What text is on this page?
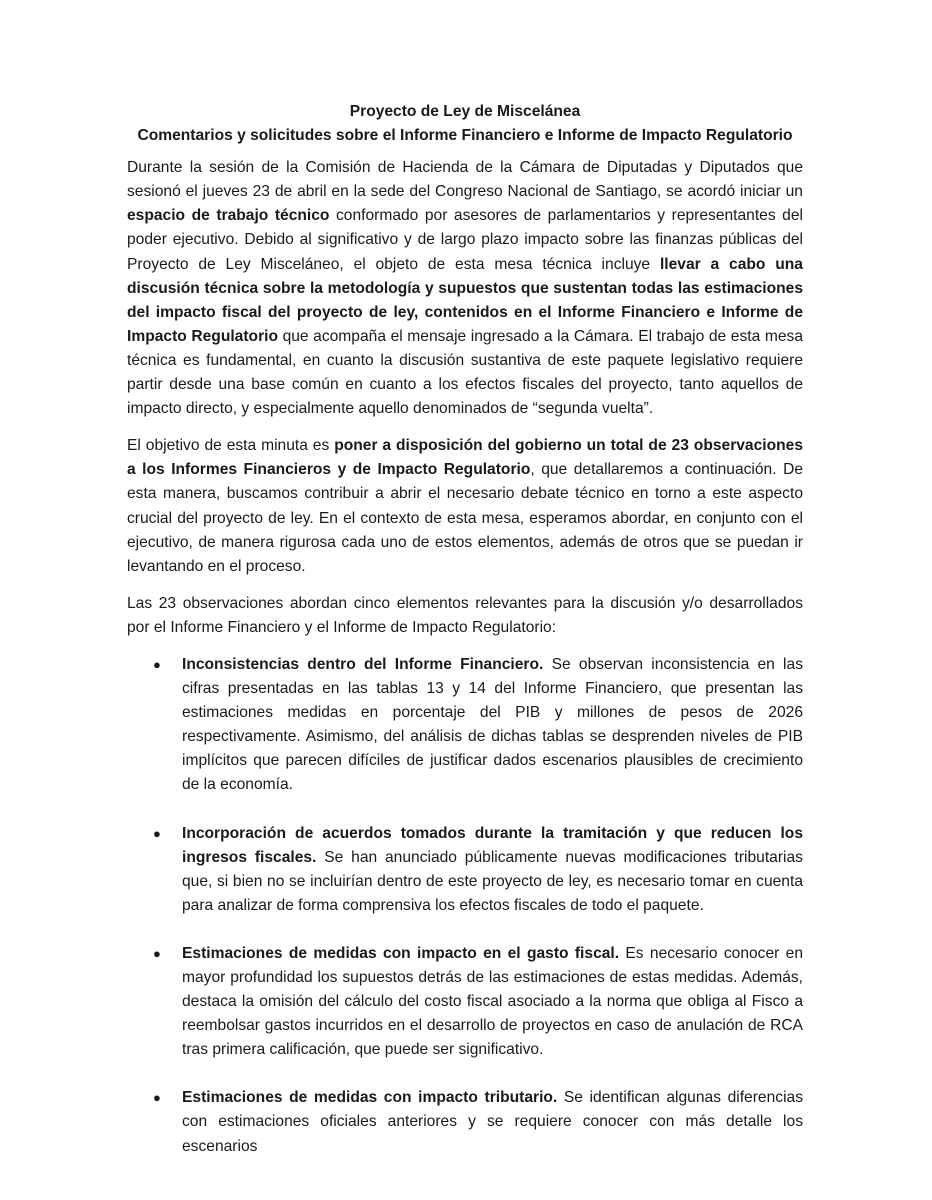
Proyecto de Ley de Miscelánea

Comentarios y solicitudes sobre el Informe Financiero e Informe de Impacto Regulatorio

Durante la sesión de la Comisión de Hacienda de la Cámara de Diputadas y Diputados que sesionó el jueves 23 de abril en la sede del Congreso Nacional de Santiago, se acordó iniciar un espacio de trabajo técnico conformado por asesores de parlamentarios y representantes del poder ejecutivo. Debido al significativo y de largo plazo impacto sobre las finanzas públicas del Proyecto de Ley Misceláneo, el objeto de esta mesa técnica incluye llevar a cabo una discusión técnica sobre la metodología y supuestos que sustentan todas las estimaciones del impacto fiscal del proyecto de ley, contenidos en el Informe Financiero e Informe de Impacto Regulatorio que acompaña el mensaje ingresado a la Cámara. El trabajo de esta mesa técnica es fundamental, en cuanto la discusión sustantiva de este paquete legislativo requiere partir desde una base común en cuanto a los efectos fiscales del proyecto, tanto aquellos de impacto directo, y especialmente aquello denominados de “segunda vuelta”.

El objetivo de esta minuta es poner a disposición del gobierno un total de 23 observaciones a los Informes Financieros y de Impacto Regulatorio, que detallaremos a continuación. De esta manera, buscamos contribuir a abrir el necesario debate técnico en torno a este aspecto crucial del proyecto de ley. En el contexto de esta mesa, esperamos abordar, en conjunto con el ejecutivo, de manera rigurosa cada uno de estos elementos, además de otros que se puedan ir levantando en el proceso.

Las 23 observaciones abordan cinco elementos relevantes para la discusión y/o desarrollados por el Informe Financiero y el Informe de Impacto Regulatorio:

● Inconsistencias dentro del Informe Financiero. Se observan inconsistencia en las cifras presentadas en las tablas 13 y 14 del Informe Financiero, que presentan las estimaciones medidas en porcentaje del PIB y millones de pesos de 2026 respectivamente. Asimismo, del análisis de dichas tablas se desprenden niveles de PIB implícitos que parecen difíciles de justificar dados escenarios plausibles de crecimiento de la economía.
● Incorporación de acuerdos tomados durante la tramitación y que reducen los ingresos fiscales. Se han anunciado públicamente nuevas modificaciones tributarias que, si bien no se incluirían dentro de este proyecto de ley, es necesario tomar en cuenta para analizar de forma comprensiva los efectos fiscales de todo el paquete.
● Estimaciones de medidas con impacto en el gasto fiscal. Es necesario conocer en mayor profundidad los supuestos detrás de las estimaciones de estas medidas. Además, destaca la omisión del cálculo del costo fiscal asociado a la norma que obliga al Fisco a reembolsar gastos incurridos en el desarrollo de proyectos en caso de anulación de RCA tras primera calificación, que puede ser significativo.
● Estimaciones de medidas con impacto tributario. Se identifican algunas diferencias con estimaciones oficiales anteriores y se requiere conocer con más detalle los escenarios
